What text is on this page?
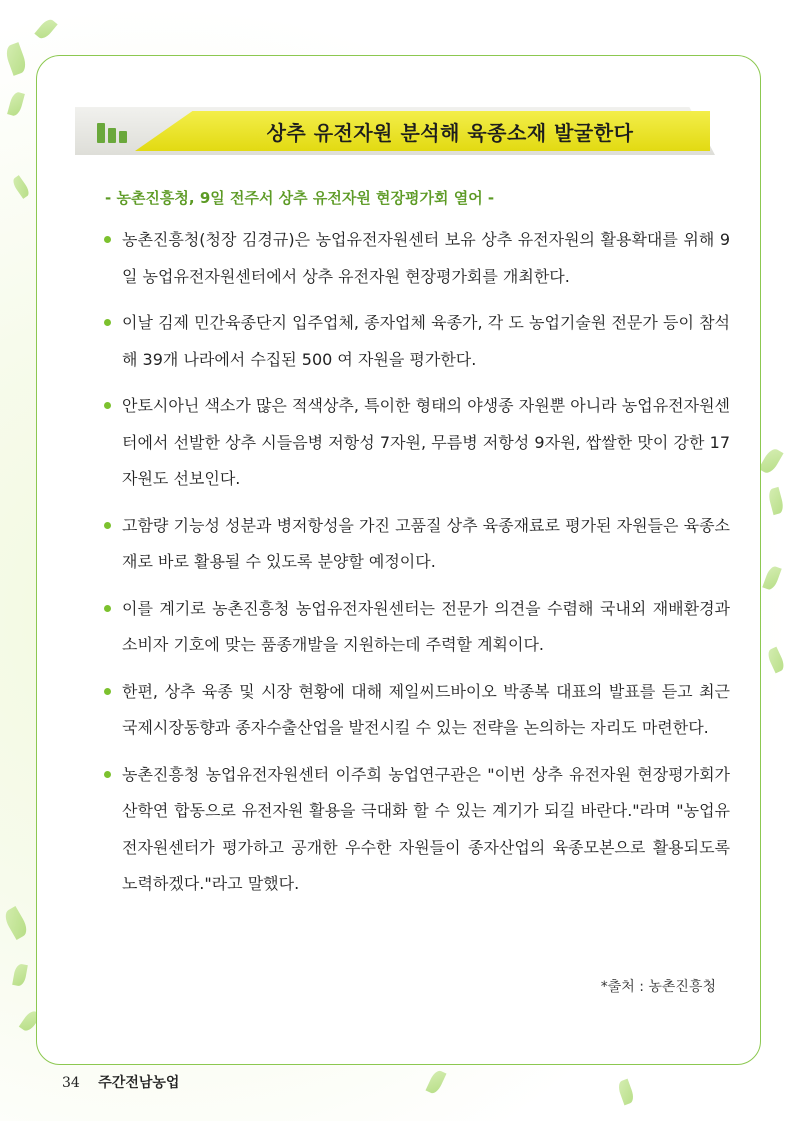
상추 유전자원 분석해 육종소재 발굴한다
- 농촌진흥청, 9일 전주서 상추 유전자원 현장평가회 열어 -
농촌진흥청(청장 김경규)은 농업유전자원센터 보유 상추 유전자원의 활용확대를 위해 9일 농업유전자원센터에서 상추 유전자원 현장평가회를 개최한다.
이날 김제 민간육종단지 입주업체, 종자업체 육종가, 각 도 농업기술원 전문가 등이 참석해 39개 나라에서 수집된 500 여 자원을 평가한다.
안토시아닌 색소가 많은 적색상추, 특이한 형태의 야생종 자원뿐 아니라 농업유전자원센터에서 선발한 상추 시들음병 저항성 7자원, 무름병 저항성 9자원, 쌉쌀한 맛이 강한 17자원도 선보인다.
고함량 기능성 성분과 병저항성을 가진 고품질 상추 육종재료로 평가된 자원들은 육종소재로 바로 활용될 수 있도록 분양할 예정이다.
이를 계기로 농촌진흥청 농업유전자원센터는 전문가 의견을 수렴해 국내외 재배환경과 소비자 기호에 맞는 품종개발을 지원하는데 주력할 계획이다.
한편, 상추 육종 및 시장 현황에 대해 제일씨드바이오 박종복 대표의 발표를 듣고 최근 국제시장동향과 종자수출산업을 발전시킬 수 있는 전략을 논의하는 자리도 마련한다.
농촌진흥청 농업유전자원센터 이주희 농업연구관은 "이번 상추 유전자원 현장평가회가 산학연 합동으로 유전자원 활용을 극대화 할 수 있는 계기가 되길 바란다."라며 "농업유전자원센터가 평가하고 공개한 우수한 자원들이 종자산업의 육종모본으로 활용되도록 노력하겠다."라고 말했다.
*출처 : 농촌진흥청
34 주간전남농업
